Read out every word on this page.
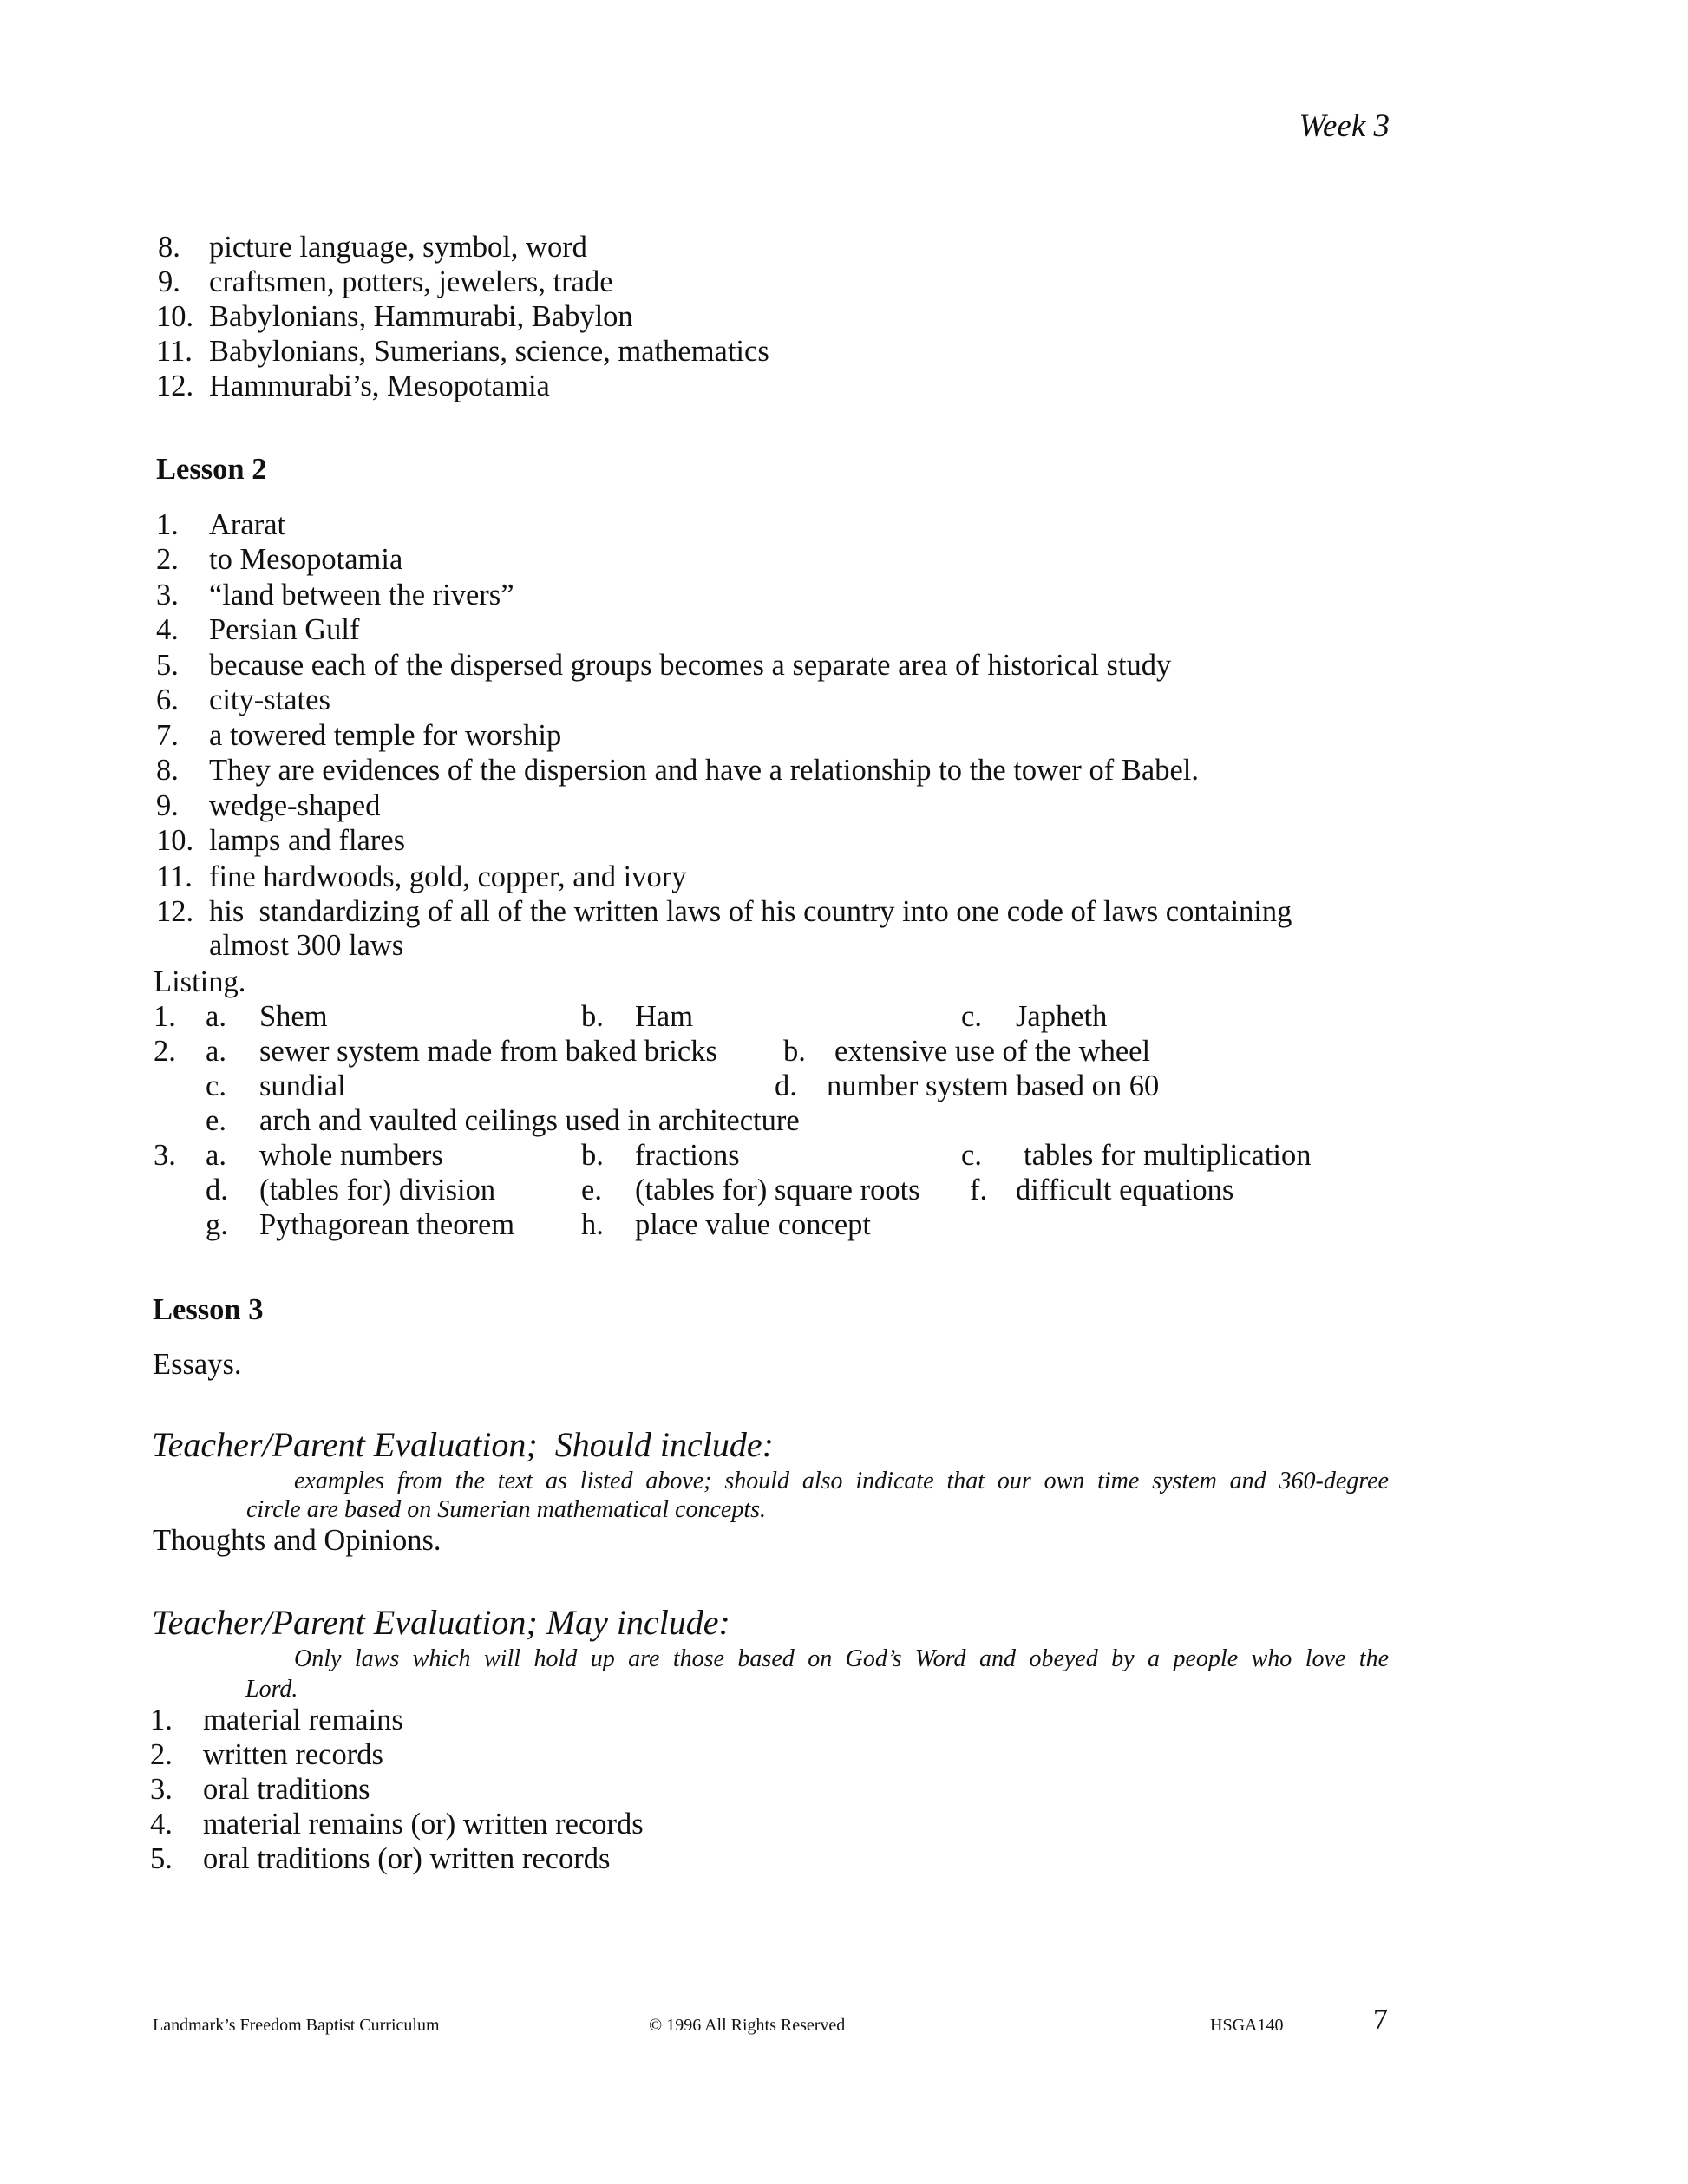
Week 3
8. picture language, symbol, word
9. craftsmen, potters, jewelers, trade
10. Babylonians, Hammurabi, Babylon
11. Babylonians, Sumerians, science, mathematics
12. Hammurabi’s, Mesopotamia
Lesson 2
1. Ararat
2. to Mesopotamia
3. “land between the rivers”
4. Persian Gulf
5. because each of the dispersed groups becomes a separate area of historical study
6. city-states
7. a towered temple for worship
8. They are evidences of the dispersion and have a relationship to the tower of Babel.
9. wedge-shaped
10. lamps and flares
11. fine hardwoods, gold, copper, and ivory
12. his  standardizing of all of the written laws of his country into one code of laws containing
almost 300 laws
Listing.
1. a. Shem	b. Ham	c. Japheth
2. a. sewer system made from baked bricks b. extensive use of the wheel
c. sundial	d. number system based on 60
e. arch and vaulted ceilings used in architecture
3. a. whole numbers	b. fractions	c. tables for multiplication
d. (tables for) division	e. (tables for) square roots f. difficult equations
g. Pythagorean theorem h. place value concept
Lesson 3
Essays.
Teacher/Parent Evaluation;  Should include:
examples from the text as listed above; should also indicate that our own time system and 360-degree
circle are based on Sumerian mathematical concepts.
Thoughts and Opinions.
Teacher/Parent Evaluation; May include:
Only laws which will hold up are those based on God’s Word and obeyed by a people who love the
Lord.
1. material remains
2. written records
3. oral traditions
4. material remains (or) written records
5. oral traditions (or) written records
Landmark’s Freedom Baptist Curriculum	© 1996 All Rights Reserved	HSGA140	7
